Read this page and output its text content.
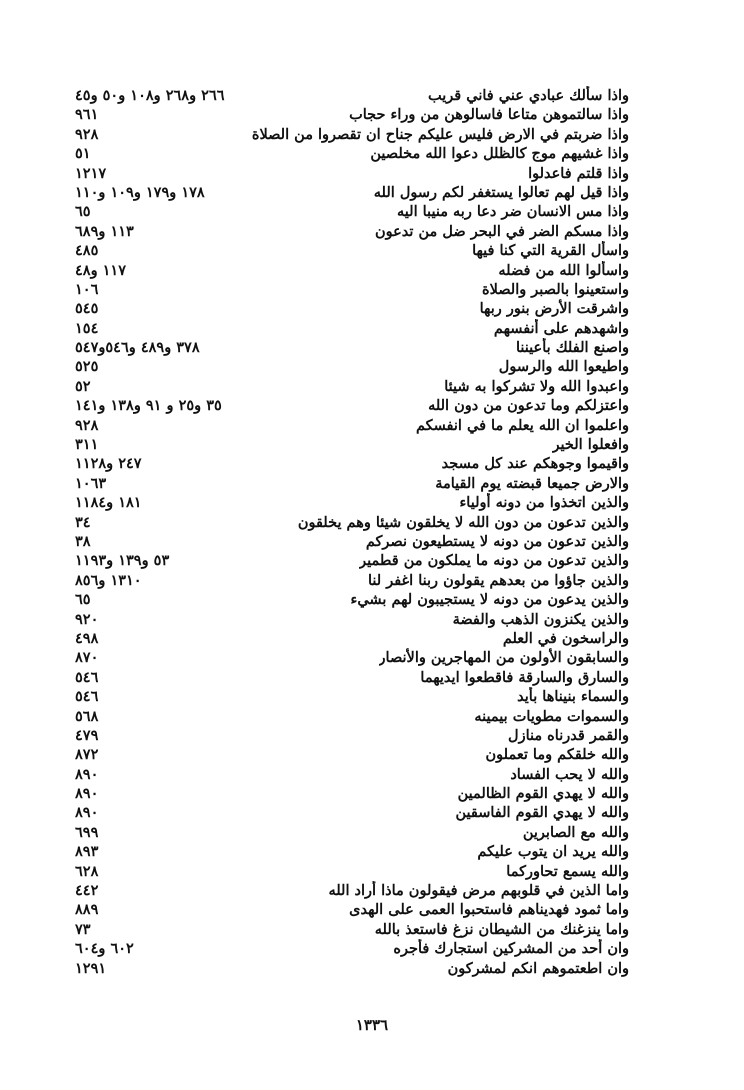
واذا سألك عبادي عني فاني قريب
٢٦٦ و٢٦٨ و١٠٨ و٥٠ و٤٥
واذا سالتموهن متاعا فاسالوهن من وراء حجاب
٩٦١
واذا ضربتم في الارض فليس عليكم جناح ان تقصروا من الصلاة
٩٢٨
واذا غشيهم موج كالظلل دعوا الله مخلصين
٥١
واذا قلتم فاعدلوا
١٢١٧
واذا قيل لهم تعالوا يستغفر لكم رسول الله
١٧٨ و١٧٩ و١٠٩ و١١٠
واذا مس الانسان ضر دعا ربه منيبا اليه
٦٥
واذا مسكم الضر في البحر ضل من تدعون
١١٣ و٦٨٩
واسأل القرية التي كنا فيها
٤٨٥
واسألوا الله من فضله
١١٧ و٤٨
واستعينوا بالصبر والصلاة
١٠٦
واشرقت الأرض بنور ربها
٥٤٥
واشهدهم على أنفسهم
١٥٤
واصنع الفلك بأعيننا
٣٧٨ و٤٨٩ و٥٤٦و٥٤٧
واطيعوا الله والرسول
٥٢٥
واعبدوا الله ولا تشركوا به شيئا
٥٢
واعتزلكم وما تدعون من دون الله
٣٥ و٢٥ و ٩١ و١٣٨ و١٤١
واعلموا ان الله يعلم ما في انفسكم
٩٢٨
وافعلوا الخير
٣١١
واقيموا وجوهكم عند كل مسجد
٢٤٧ و١١٢٨
والارض جميعا قبضته يوم القيامة
١٠٦٣
والذين اتخذوا من دونه أولياء
١٨١ و١١٨٤
والذين تدعون من دون الله لا يخلقون شيئا وهم يخلقون
٣٤
والذين تدعون من دونه لا يستطيعون نصركم
٣٨
والذين تدعون من دونه ما يملكون من قطمير
٥٣ و١٣٩ و١١٩٣
والذين جاؤوا من بعدهم يقولون ربنا اغفر لنا
١٣١٠ و٨٥٦
والذين يدعون من دونه لا يستجيبون لهم بشيء
٦٥
والذين يكنزون الذهب والفضة
٩٢٠
والراسخون في العلم
٤٩٨
والسابقون الأولون من المهاجرين والأنصار
٨٧٠
والسارق والسارقة فاقطعوا ايديهما
٥٤٦
والسماء بنيناها بأيد
٥٤٦
والسموات مطويات بيمينه
٥٦٨
والقمر قدرناه منازل
٤٧٩
والله خلقكم وما تعملون
٨٧٢
والله لا يحب الفساد
٨٩٠
والله لا يهدي القوم الظالمين
٨٩٠
والله لا يهدي القوم الفاسقين
٨٩٠
والله مع الصابرين
٦٩٩
والله يريد ان يتوب عليكم
٨٩٣
والله يسمع تحاوركما
٦٢٨
واما الذين في قلوبهم مرض فيقولون ماذا أراد الله
٤٤٢
واما ثمود فهديناهم فاستحبوا العمى على الهدى
٨٨٩
واما ينزغنك من الشيطان نزغ فاستعذ بالله
٧٣
وان أحد من المشركين استجارك فأجره
٦٠٢ و٦٠٤
وان اطعتموهم انكم لمشركون
١٢٩١
١٣٣٦
